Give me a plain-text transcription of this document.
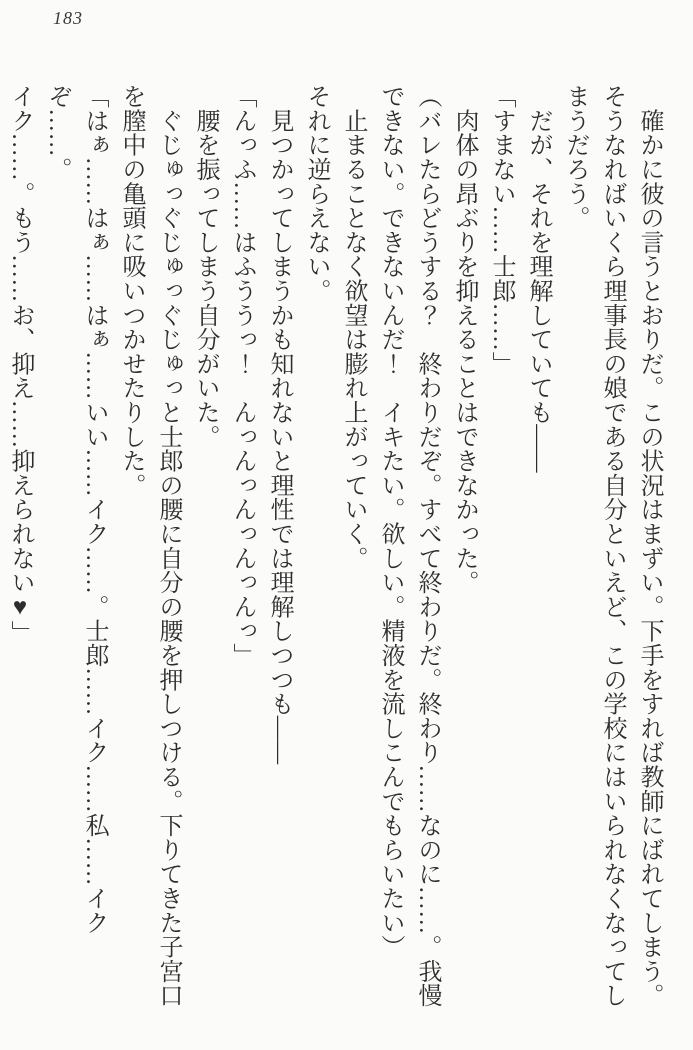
183
　確かに彼の言うとおりだ。この状況はまずい。下手をすれば教師にばれてしまう。
そうなればいくら理事長の娘である自分といえど、この学校にはいられなくなってし
まうだろう。
　だが、それを理解していても――
「すまない……士郎……」
　肉体の昂ぶりを抑えることはできなかった。
（バレたらどうする？　終わりだぞ。すべて終わりだ。終わり……なのに……。我慢
できない。できないんだ！　イキたい。欲しい。精液を流しこんでもらいたい）
　止まることなく欲望は膨れ上がっていく。
それに逆らえない。
　見つかってしまうかも知れないと理性では理解しつつも――
「んっふ……はふううっ！　んっんっんっんっんっ」
　腰を振ってしまう自分がいた。
　ぐじゅっぐじゅっぐじゅっと士郎の腰に自分の腰を押しつける。下りてきた子宮口
を膣中の亀頭に吸いつかせたりした。
「はぁ……はぁ……はぁ……いい……イク……。士郎……イク……私……イクぞ……。
イク……。もう……お、抑え……抑えられない♥」
